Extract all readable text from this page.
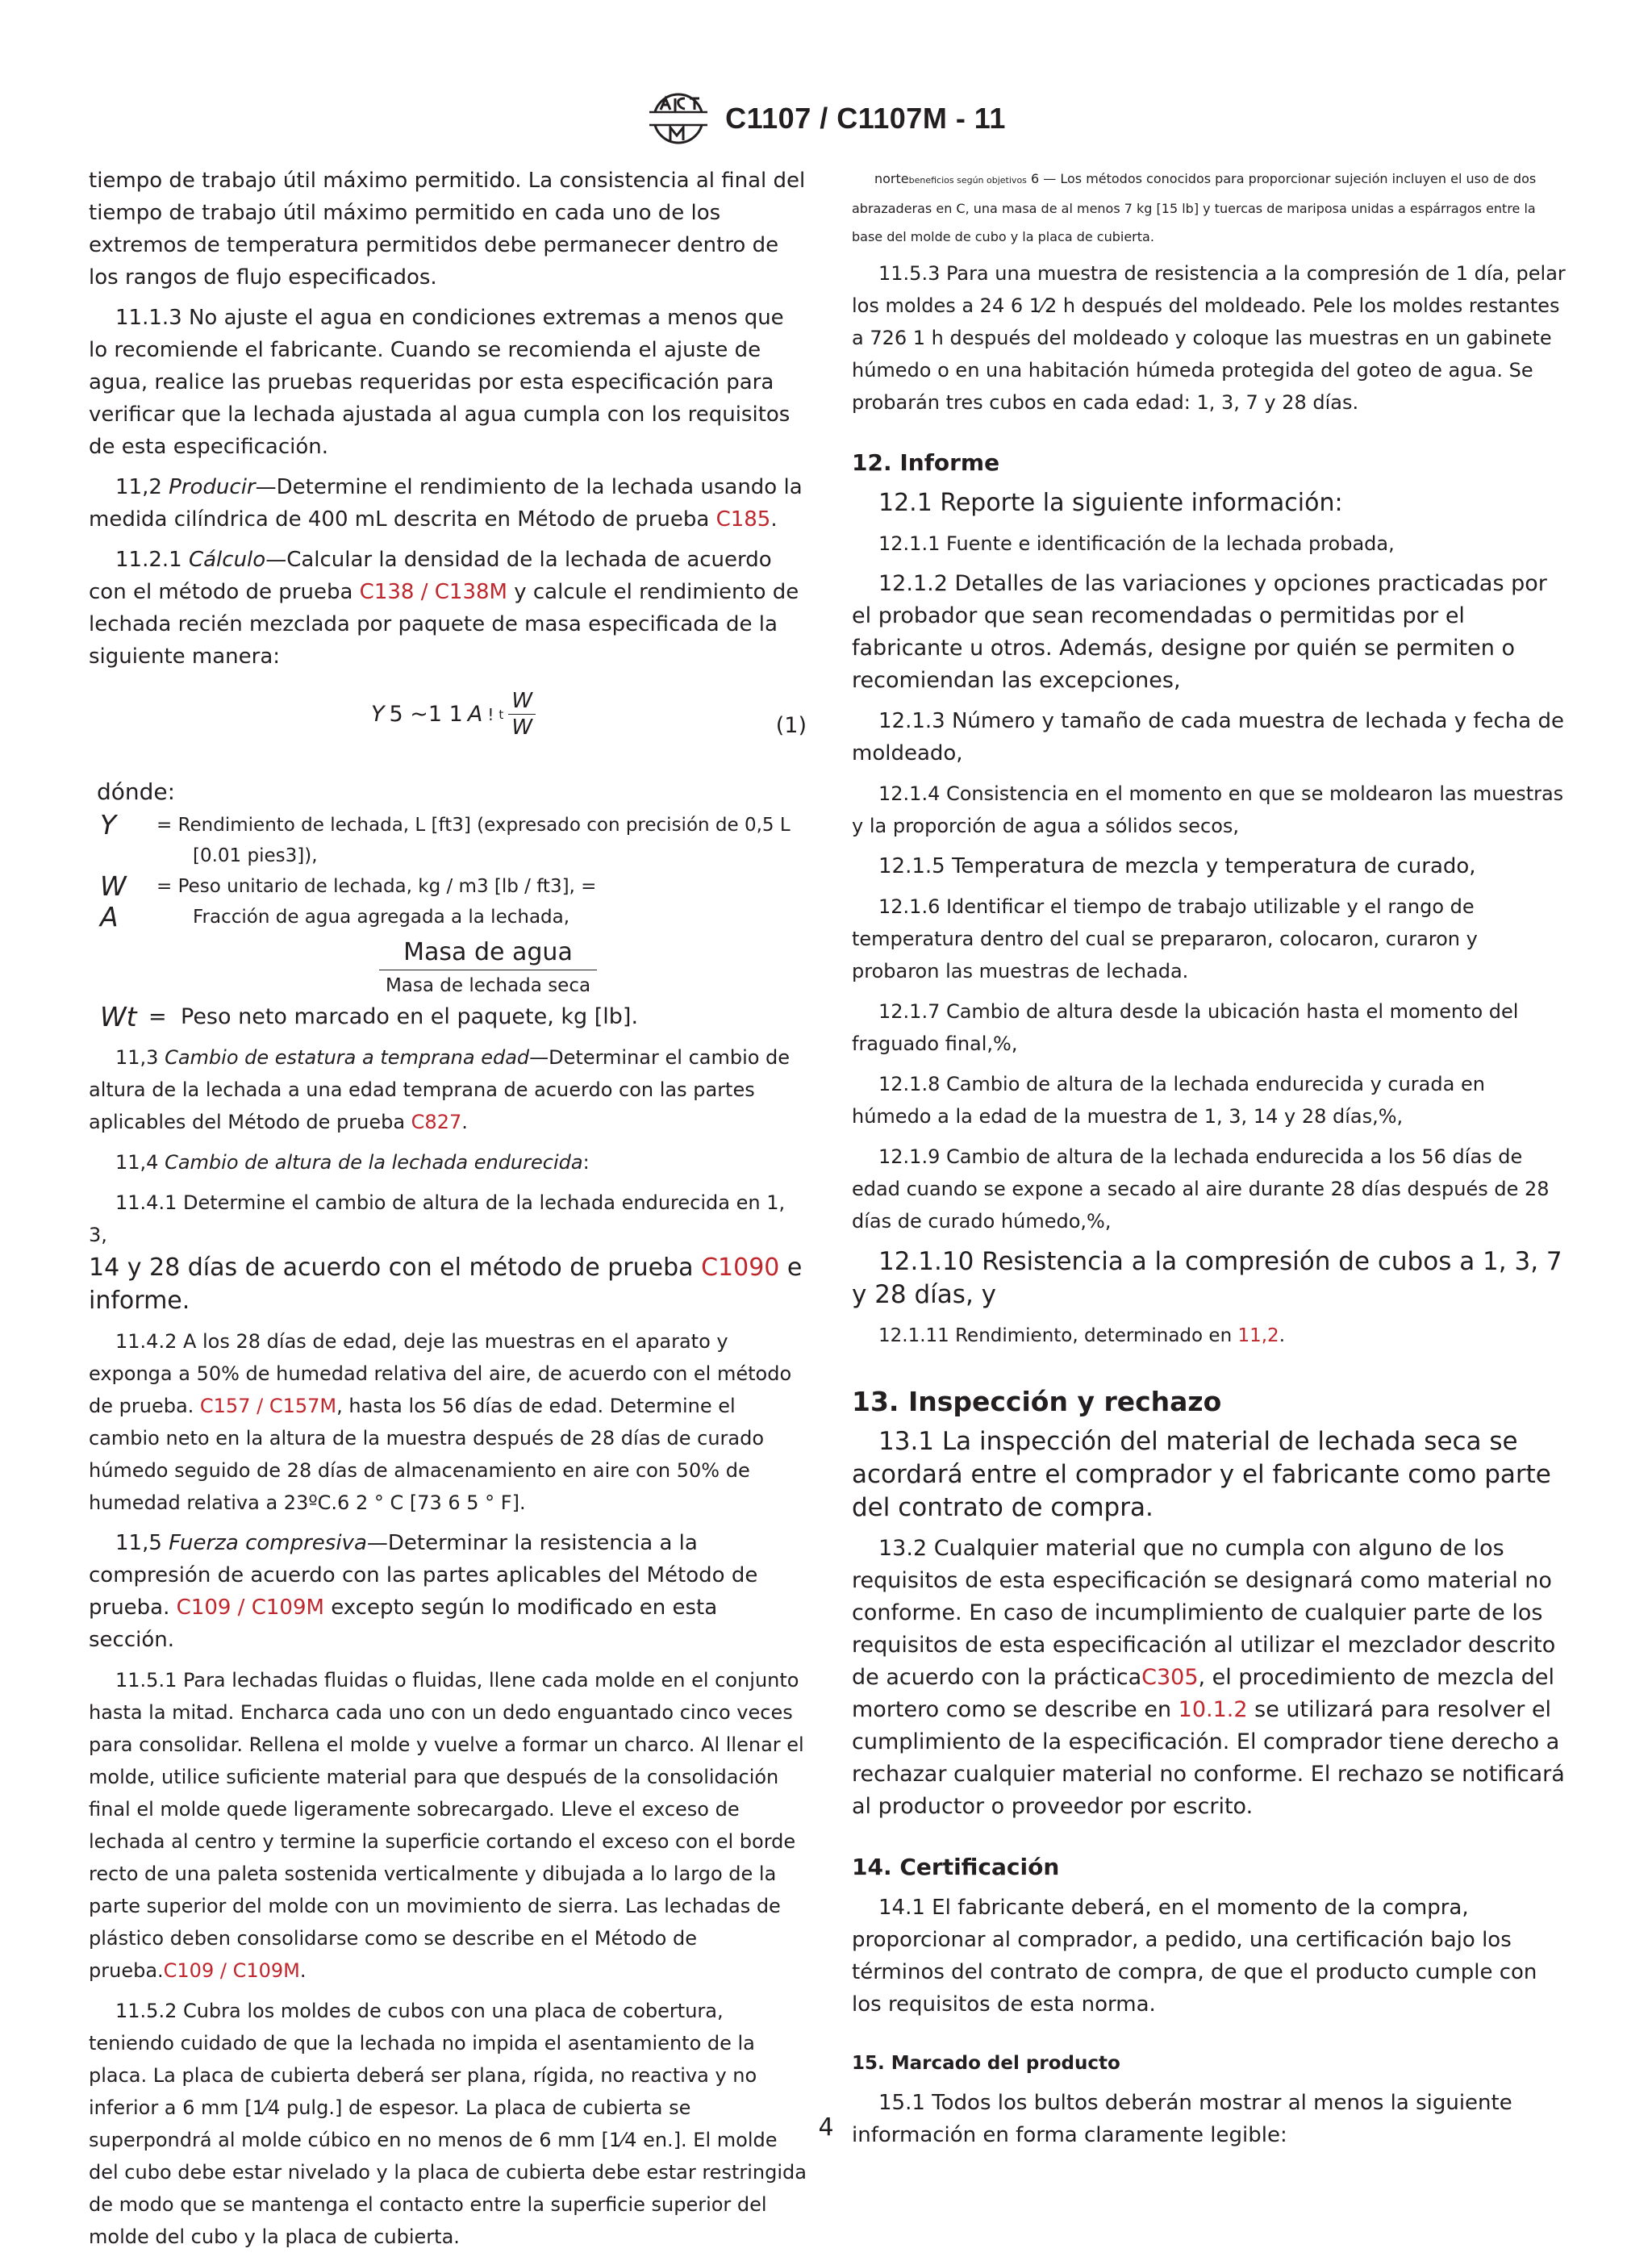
C1107 / C1107M - 11

tiempo de trabajo útil máximo permitido. La consistencia al final del tiempo de trabajo útil máximo permitido en cada uno de los extremos de temperatura permitidos debe permanecer dentro de los rangos de flujo especificados.

11.1.3 No ajuste el agua en condiciones extremas a menos que lo recomiende el fabricante. Cuando se recomienda el ajuste de agua, realice las pruebas requeridas por esta especificación para verificar que la lechada ajustada al agua cumpla con los requisitos de esta especificación.

11,2 Producir—Determine el rendimiento de la lechada usando la medida cilíndrica de 400 mL descrita en Método de prueba C185.

11.2.1 Cálculo—Calcular la densidad de la lechada de acuerdo con el método de prueba C138 / C138M y calcule el rendimiento de lechada recién mezclada por paquete de masa especificada de la siguiente manera:

Y 5 ~1 1 A ! t $\frac{W}{W}$	(1)
dónde:
Y	= Rendimiento de lechada, L [ft3] (expresado con precisión de 0,5 L
[0.01 pies3]),
W	= Peso unitario de lechada, kg / m3 [lb / ft3], =
A	Fracción de agua agregada a la lechada,
$\frac{\text{Masa de agua}}{\text{Masa de lechada seca}}$
Wt = Peso neto marcado en el paquete, kg [lb].

11,3 Cambio de estatura a temprana edad—Determinar el cambio de altura de la lechada a una edad temprana de acuerdo con las partes aplicables del Método de prueba C827.

11,4 Cambio de altura de la lechada endurecida:

11.4.1 Determine el cambio de altura de la lechada endurecida en 1, 3,

14 y 28 días de acuerdo con el método de prueba C1090 e informe.

11.4.2 A los 28 días de edad, deje las muestras en el aparato y exponga a 50% de humedad relativa del aire, de acuerdo con el método de prueba. C157 / C157M, hasta los 56 días de edad. Determine el cambio neto en la altura de la muestra después de 28 días de curado húmedo seguido de 28 días de almacenamiento en aire con 50% de humedad relativa a 23ºC.6 2 ° C [73 6 5 ° F].

11,5 Fuerza compresiva—Determinar la resistencia a la compresión de acuerdo con las partes aplicables del Método de prueba. C109 / C109M excepto según lo modificado en esta sección.

11.5.1 Para lechadas fluidas o fluidas, llene cada molde en el conjunto hasta la mitad. Encharca cada uno con un dedo enguantado cinco veces para consolidar. Rellena el molde y vuelve a formar un charco. Al llenar el molde, utilice suficiente material para que después de la consolidación final el molde quede ligeramente sobrecargado. Lleve el exceso de lechada al centro y termine la superficie cortando el exceso con el borde recto de una paleta sostenida verticalmente y dibujada a lo largo de la parte superior del molde con un movimiento de sierra. Las lechadas de plástico deben consolidarse como se describe en el Método de prueba.C109 / C109M.

11.5.2 Cubra los moldes de cubos con una placa de cobertura, teniendo cuidado de que la lechada no impida el asentamiento de la placa. La placa de cubierta deberá ser plana, rígida, no reactiva y no inferior a 6 mm [1⁄4 pulg.] de espesor. La placa de cubierta se superpondrá al molde cúbico en no menos de 6 mm [1⁄4 en.]. El molde del cubo debe estar nivelado y la placa de cubierta debe estar restringida de modo que se mantenga el contacto entre la superficie superior del molde del cubo y la placa de cubierta.

nortebeneficios según objetivos 6 — Los métodos conocidos para proporcionar sujeción incluyen el uso de dos abrazaderas en C, una masa de al menos 7 kg [15 lb] y tuercas de mariposa unidas a espárragos entre la base del molde de cubo y la placa de cubierta.

11.5.3 Para una muestra de resistencia a la compresión de 1 día, pelar los moldes a 24 6 1⁄2 h después del moldeado. Pele los moldes restantes a 726 1 h después del moldeado y coloque las muestras en un gabinete húmedo o en una habitación húmeda protegida del goteo de agua. Se probarán tres cubos en cada edad: 1, 3, 7 y 28 días.

12. Informe

12.1 Reporte la siguiente información:

12.1.1 Fuente e identificación de la lechada probada,

12.1.2 Detalles de las variaciones y opciones practicadas por el probador que sean recomendadas o permitidas por el fabricante u otros. Además, designe por quién se permiten o recomiendan las excepciones,

12.1.3 Número y tamaño de cada muestra de lechada y fecha de moldeado,

12.1.4 Consistencia en el momento en que se moldearon las muestras y la proporción de agua a sólidos secos,

12.1.5 Temperatura de mezcla y temperatura de curado,

12.1.6 Identificar el tiempo de trabajo utilizable y el rango de temperatura dentro del cual se prepararon, colocaron, curaron y probaron las muestras de lechada.

12.1.7 Cambio de altura desde la ubicación hasta el momento del fraguado final,%,

12.1.8 Cambio de altura de la lechada endurecida y curada en húmedo a la edad de la muestra de 1, 3, 14 y 28 días,%,

12.1.9 Cambio de altura de la lechada endurecida a los 56 días de edad cuando se expone a secado al aire durante 28 días después de 28 días de curado húmedo,%,

12.1.10 Resistencia a la compresión de cubos a 1, 3, 7 y 28 días, y

12.1.11 Rendimiento, determinado en 11,2.

13. Inspección y rechazo

13.1 La inspección del material de lechada seca se acordará entre el comprador y el fabricante como parte del contrato de compra.

13.2 Cualquier material que no cumpla con alguno de los requisitos de esta especificación se designará como material no conforme. En caso de incumplimiento de cualquier parte de los requisitos de esta especificación al utilizar el mezclador descrito de acuerdo con la prácticaC305, el procedimiento de mezcla del mortero como se describe en 10.1.2 se utilizará para resolver el cumplimiento de la especificación. El comprador tiene derecho a rechazar cualquier material no conforme. El rechazo se notificará al productor o proveedor por escrito.

14. Certificación

14.1 El fabricante deberá, en el momento de la compra, proporcionar al comprador, a pedido, una certificación bajo los términos del contrato de compra, de que el producto cumple con los requisitos de esta norma.

15. Marcado del producto

15.1 Todos los bultos deberán mostrar al menos la siguiente información en forma claramente legible:

4
